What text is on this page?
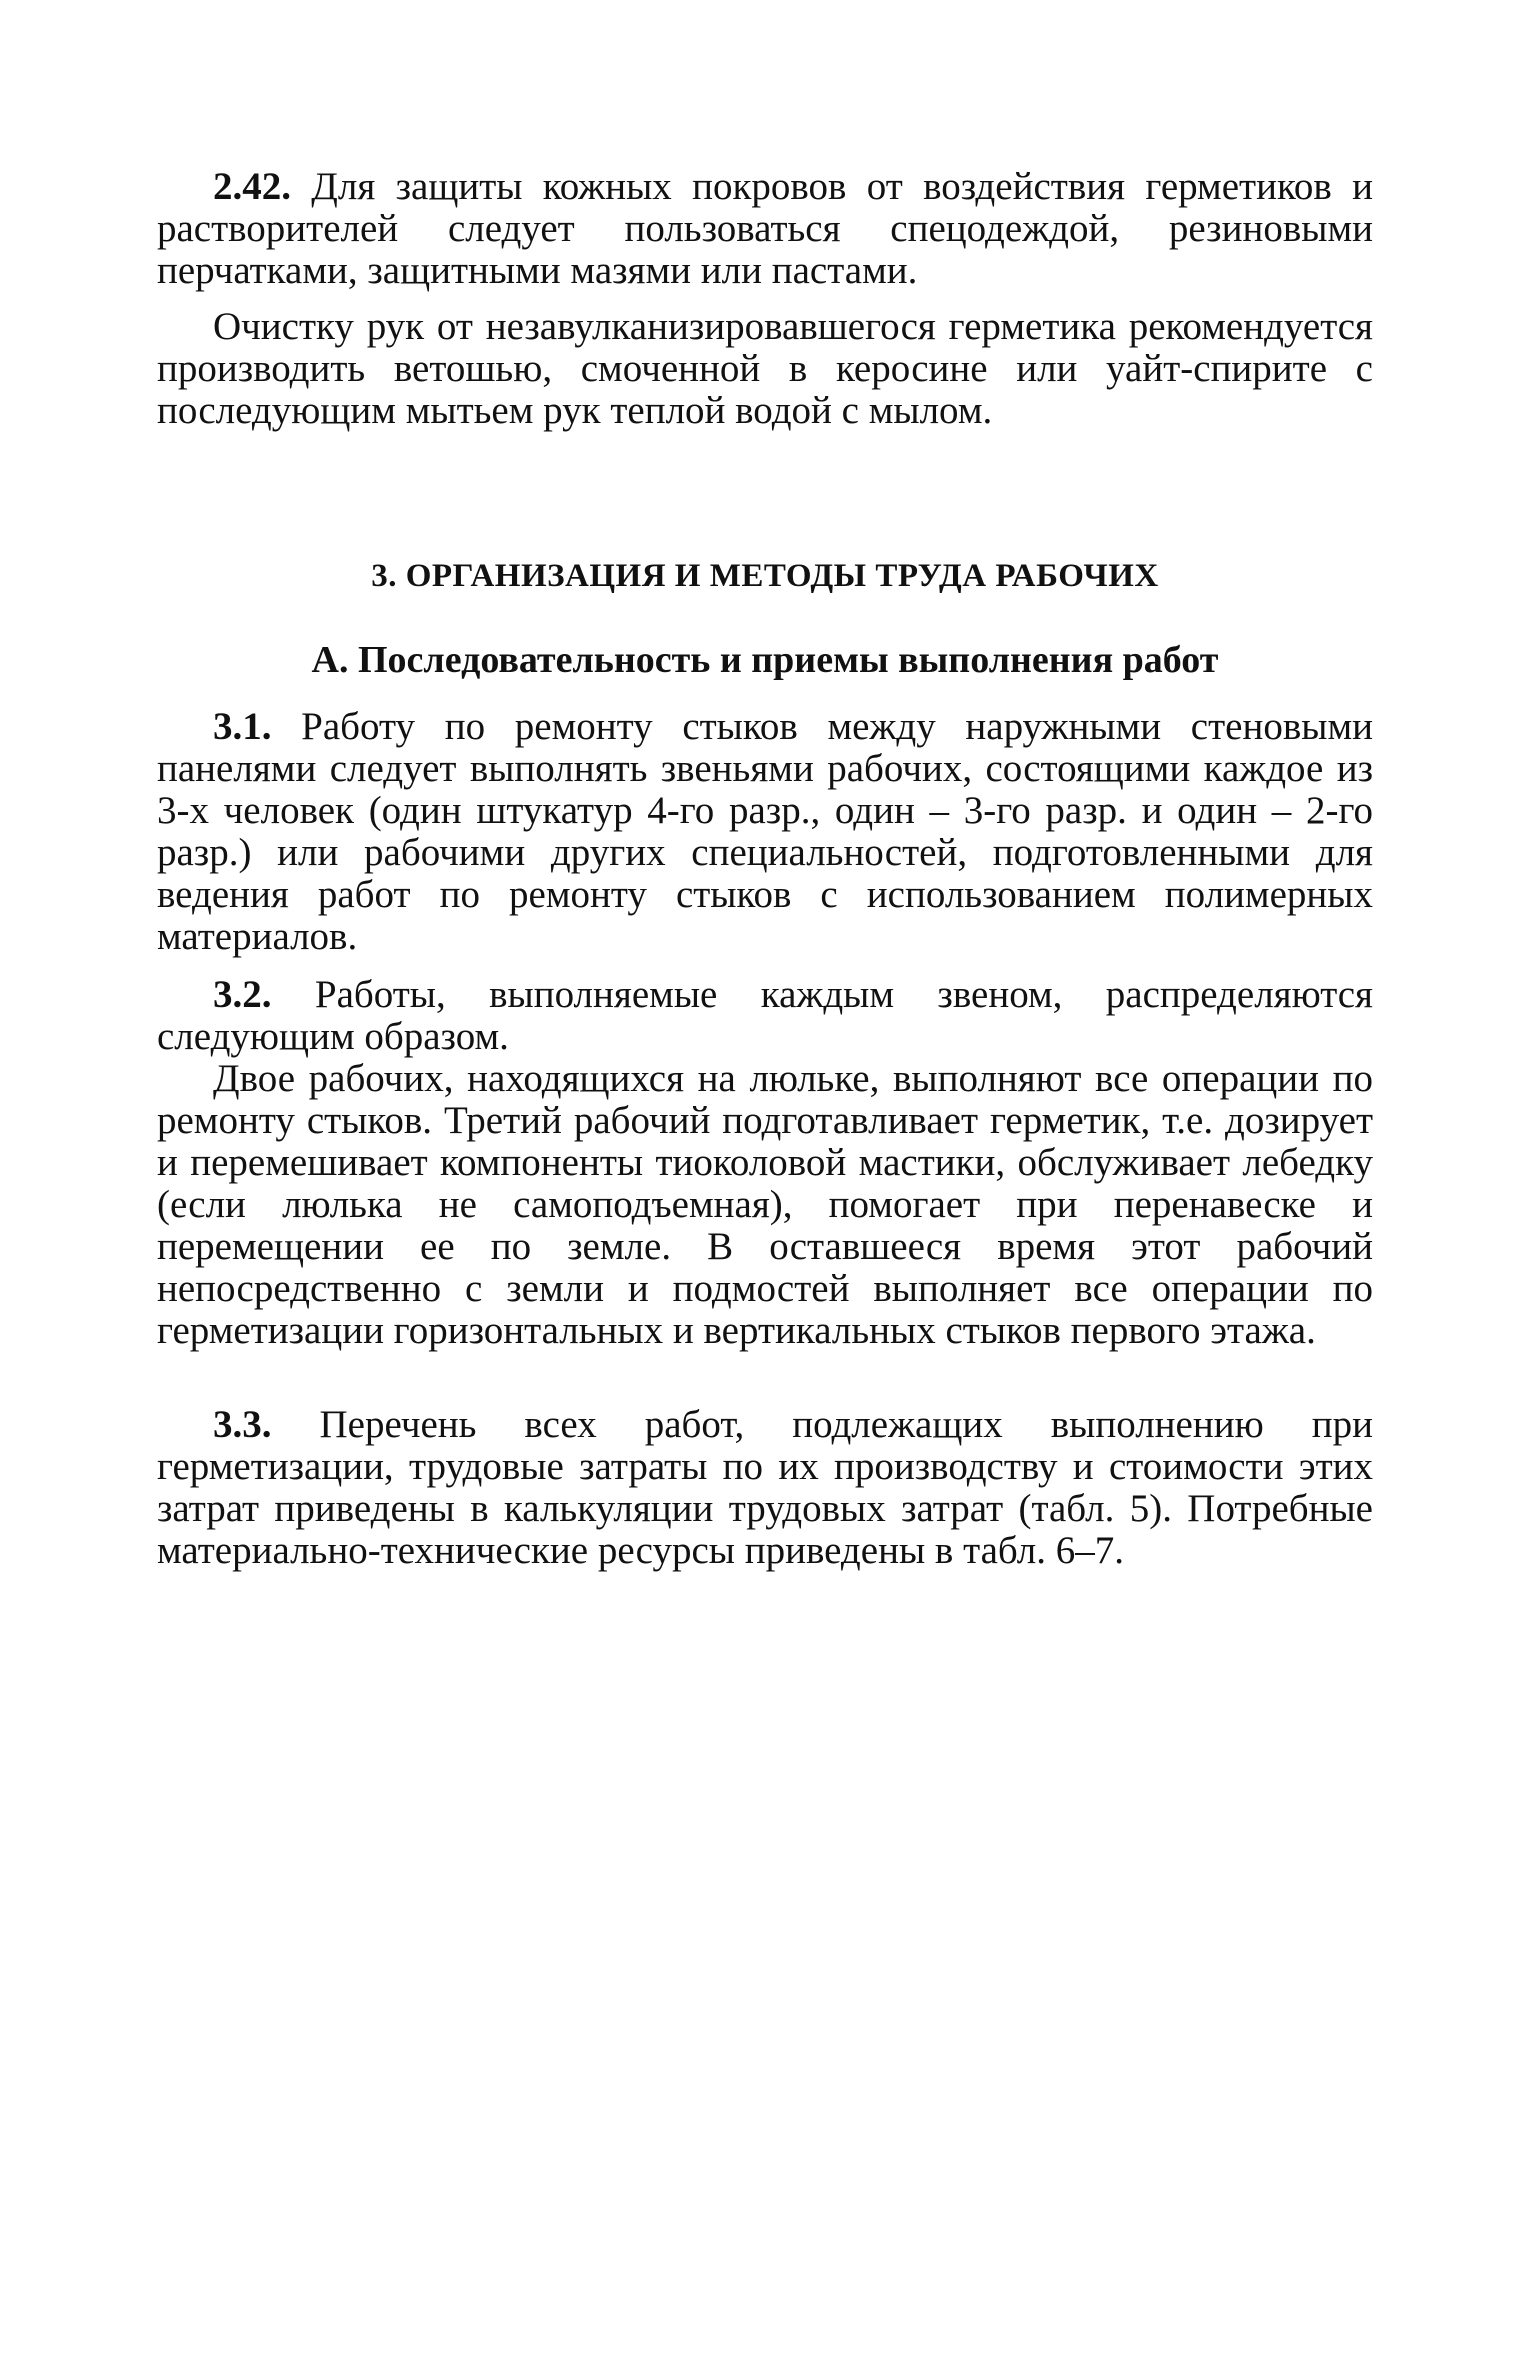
2.42. Для защиты кожных покровов от воздействия герметиков и растворителей следует пользоваться спецодеждой, резиновыми перчатками, защитными мазями или пастами.

Очистку рук от незавулканизировавшегося герметика рекомендуется производить ветошью, смоченной в керосине или уайт-спирите с последующим мытьем рук теплой водой с мылом.

3. ОРГАНИЗАЦИЯ И МЕТОДЫ ТРУДА РАБОЧИХ
А. Последовательность и приемы выполнения работ

3.1. Работу по ремонту стыков между наружными стеновыми панелями следует выполнять звеньями рабочих, состоящими каждое из 3-х человек (один штукатур 4-го разр., один – 3-го разр. и один – 2-го разр.) или рабочими других специальностей, подготовленными для ведения работ по ремонту стыков с использованием полимерных материалов.

3.2. Работы, выполняемые каждым звеном, распределяются следующим образом.

Двое рабочих, находящихся на люльке, выполняют все операции по ремонту стыков. Третий рабочий подготавливает герметик, т.е. дозирует и перемешивает компоненты тиоколовой мастики, обслуживает лебедку (если люлька не самоподъемная), помогает при перенавеске и перемещении ее по земле. В оставшееся время этот рабочий непосредственно с земли и подмостей выполняет все операции по герметизации горизонтальных и вертикальных стыков первого этажа.

3.3. Перечень всех работ, подлежащих выполнению при герметизации, трудовые затраты по их производству и стоимости этих затрат приведены в калькуляции трудовых затрат (табл. 5). Потребные материально-технические ресурсы приведены в табл. 6–7.
